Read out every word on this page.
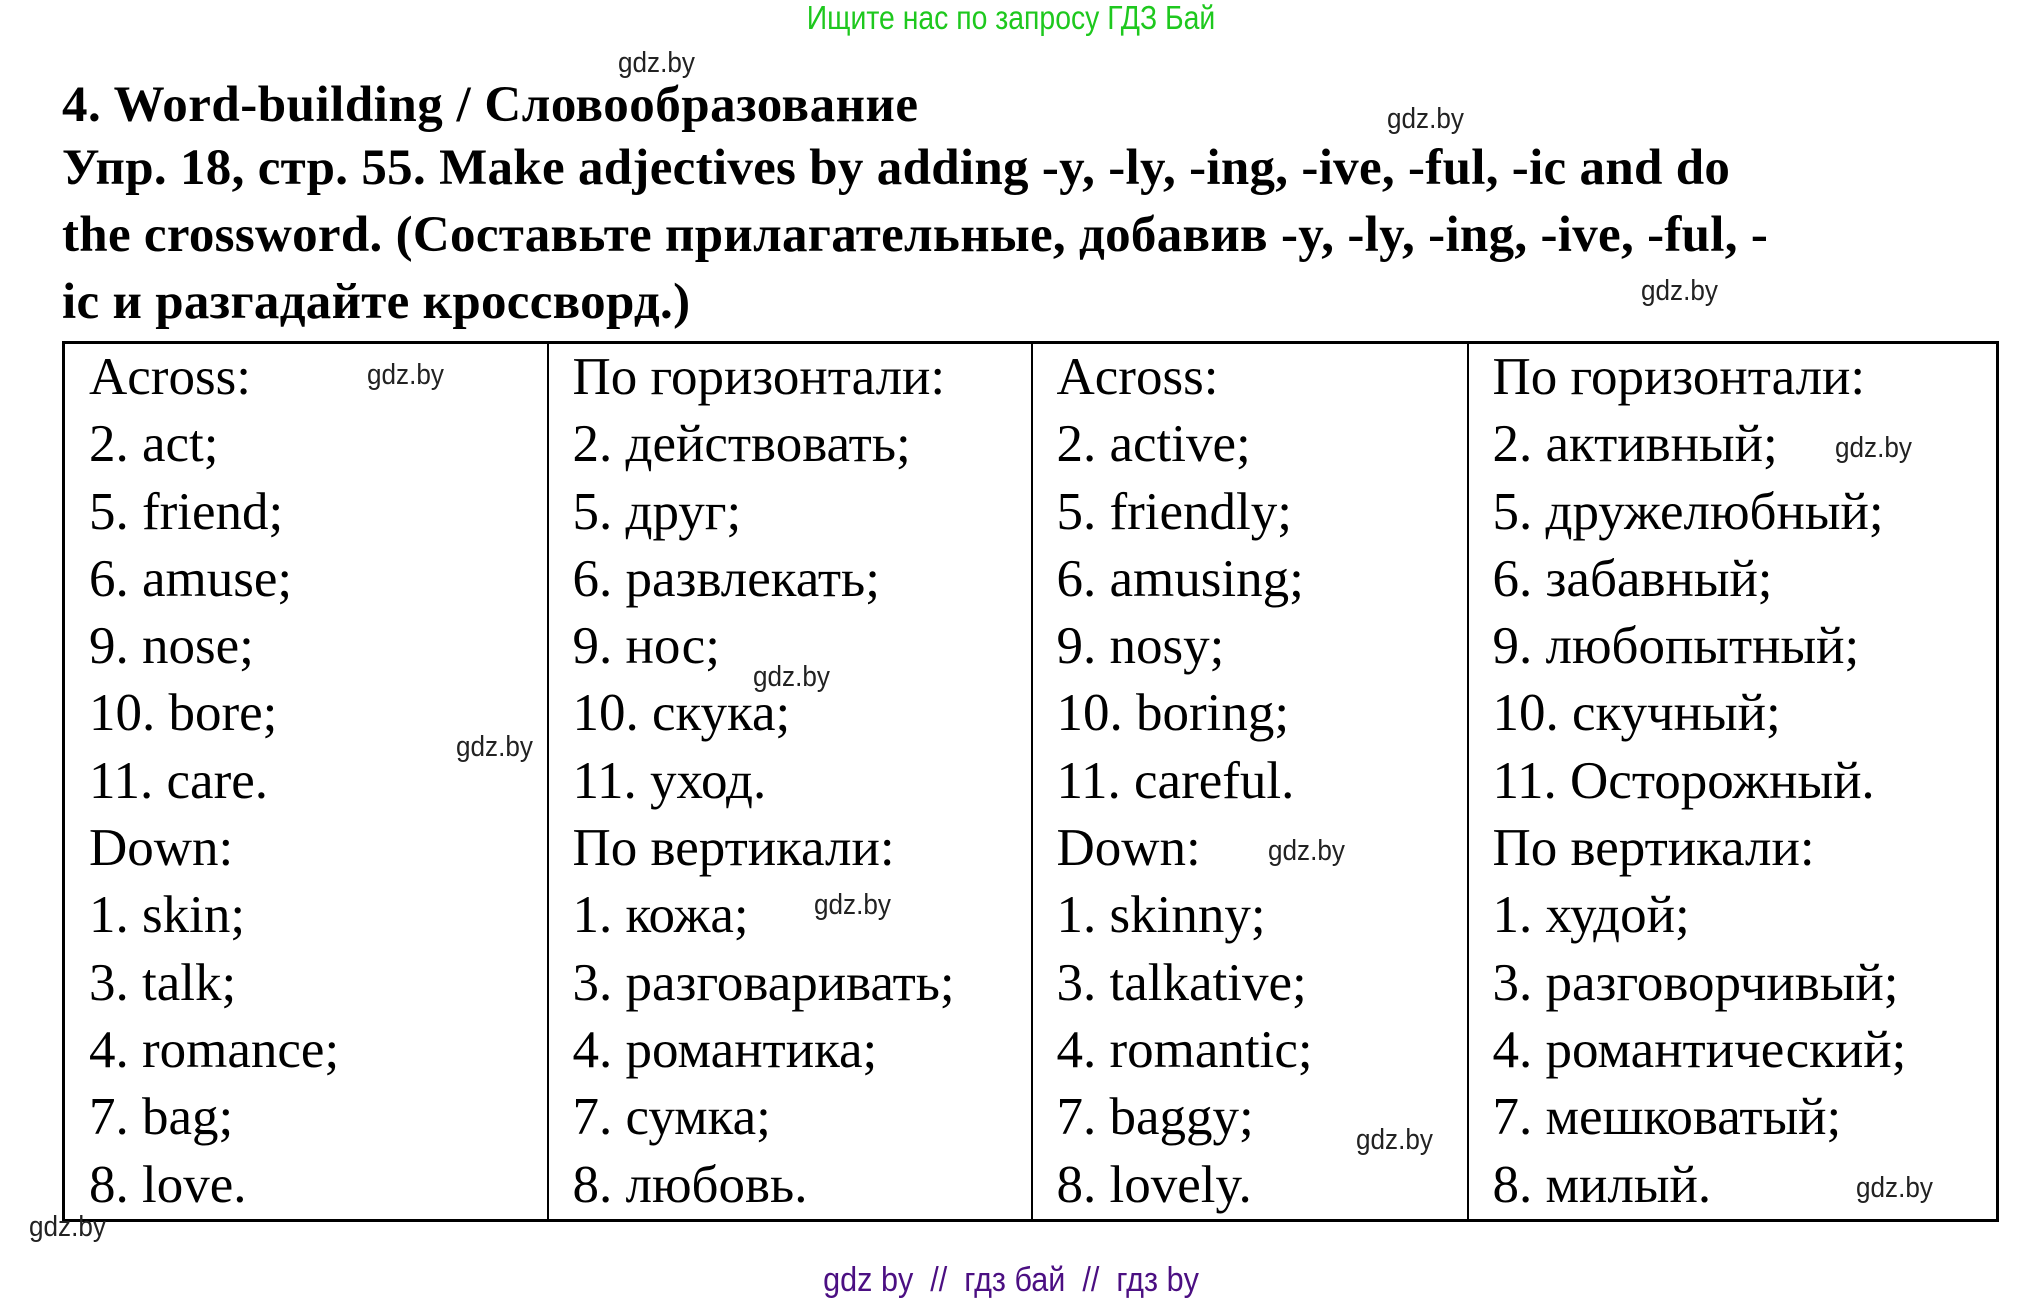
Ищите нас по запросу ГДЗ Бай
4. Word-building / Словообразование
Упр. 18, стр. 55. Make adjectives by adding -y, -ly, -ing, -ive, -ful, -ic and do
the crossword. (Составьте прилагательные, добавив -y, -ly, -ing, -ive, -ful, -
ic и разгадайте кроссворд.)
Across:
2. act;
5. friend;
6. amuse;
9. nose;
10. bore;
11. care.
Down:
1. skin;
3. talk;
4. romance;
7. bag;
8. love.

По горизонтали:
2. действовать;
5. друг;
6. развлекать;
9. нос;
10. скука;
11. уход.
По вертикали:
1. кожа;
3. разговаривать;
4. романтика;
7. сумка;
8. любовь.

Across:
2. active;
5. friendly;
6. amusing;
9. nosy;
10. boring;
11. careful.
Down:
1. skinny;
3. talkative;
4. romantic;
7. baggy;
8. lovely.

По горизонтали:
2. активный;
5. дружелюбный;
6. забавный;
9. любопытный;
10. скучный;
11. Осторожный.
По вертикали:
1. худой;
3. разговорчивый;
4. романтический;
7. мешковатый;
8. милый.
gdz.by
gdz.by
gdz.by
gdz.by
gdz.by
gdz.by
gdz.by
gdz.by
gdz.by
gdz.by
gdz.by
gdz.by
gdz by  //  гдз бай  //  гдз by
